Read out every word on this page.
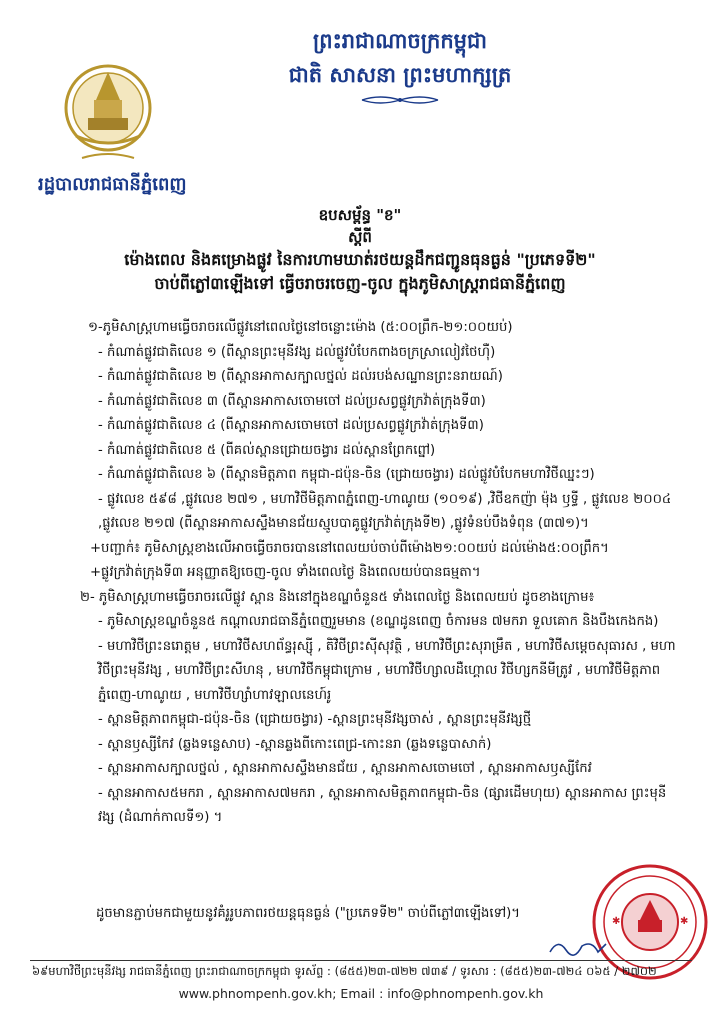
ព្រះរាជាណាចក្រកម្ពុជា
ជាតិ សាសនា ព្រះមហាក្សត្រ
រដ្ឋបាលរាជធានីភ្នំពេញ
ឧបសម្ព័ន្ធ "ខ"
ស្តីពី
ម៉ោងពេល និងគម្រោងផ្លូវ នៃការហាមឃាត់រថយន្តដឹកជញ្ជូនធុនធ្ងន់ "ប្រភេទទី២"
ចាប់ពីភ្លៅ៣ឡើងទៅ ធ្វើចរាចរចេញ-ចូល ក្នុងភូមិសាស្ត្ររាជធានីភ្នំពេញ
១-ភូមិសាស្ត្រហាមធ្វើចរាចរលើផ្លូវនៅពេលថ្ងៃនៅចន្លោះម៉ោង (៥:០០ព្រឹក-២១:០០យប់)
- កំណាត់ផ្លូវជាតិលេខ ១ (ពីស្ពានព្រះមុនីវង្ស ដល់ផ្លូវបំបែកពាងចក្រស្រាលៀវថៃហ៊ឺ)
- កំណាត់ផ្លូវជាតិលេខ ២ (ពីស្ពានអាកាសក្បាលថ្នល់ ដល់របង់សណ្ឋានព្រះនរាយណ៍)
- កំណាត់ផ្លូវជាតិលេខ ៣ (ពីស្ពានអាកាសចោមចៅ ដល់ប្រសព្វផ្លូវក្រវ៉ាត់ក្រុងទី៣)
- កំណាត់ផ្លូវជាតិលេខ ៤ (ពីស្ពានអាកាសចោមចៅ ដល់ប្រសព្វផ្លូវក្រវ៉ាត់ក្រុងទី៣)
- កំណាត់ផ្លូវជាតិលេខ ៥ (ពីគល់ស្ពានជ្រោយចង្វារ ដល់ស្ពានព្រែកព្នៅ)
- កំណាត់ផ្លូវជាតិលេខ ៦ (ពីស្ពានមិត្តភាព កម្ពុជា-ជប៉ុន-ចិន (ជ្រោយចង្វារ) ដល់ផ្លូវបំបែកមហាវិថីឈ្នះៗ)
- ផ្លូវលេខ ៥៩៨ ,ផ្លូវលេខ ២៧១ , មហាវិថីមិត្តភាពភ្នំពេញ-ហាណូយ (១០១៩) ,វិថីឧកញ៉ា ម៉ុង ឫទ្ធី , ផ្លូវលេខ ២០០៤ ,ផ្លូវលេខ ២១៧ (ពីស្ពានអាកាសស្ទឹងមានជ័យស្មូបបាគូផ្លូវក្រវ៉ាត់ក្រុងទី២) ,ផ្លូវទំនប់បឹងទំពុន (៣៧១)។
+បញ្ជាក់៖ ភូមិសាស្ត្រខាងលើអាចធ្វើចរាចរបាននៅពេលយប់ចាប់ពីម៉ោង២១:០០យប់ ដល់ម៉ោង៥:០០ព្រឹក។
+ផ្លូវក្រវ៉ាត់ក្រុងទី៣ អនុញ្ញាតឱ្យចេញ-ចូល ទាំងពេលថ្ងៃ និងពេលយប់បានធម្មតា។
២- ភូមិសាស្ត្រហាមធ្វើចរាចរលើផ្លូវ ស្ពាន និងនៅក្នុងខណ្ឌចំនួន៥ ទាំងពេលថ្ងៃ និងពេលយប់ ដូចខាងក្រោម៖
- ភូមិសាស្ត្រខណ្ឌចំនួន៥ កណ្តាលរាជធានីភ្នំពេញរួមមាន (ខណ្ឌដូនពេញ ចំការមន ៧មករា ទួលគោក និងបឹងកេងកង)
- មហាវិថីព្រះនរោត្តម , មហាវិថីសហព័ន្ធរុស្ស៊ី , តិវិថីព្រះស៊ីសុវត្ថិ , មហាវិថីព្រះសុរាម្រឹត , មហាវិថីសម្តេចសុធារស , មហាវិថីព្រះមុនីវង្ស , មហាវិថីព្រះសីហនុ , មហាវិថីកម្ពុជាក្រោម , មហាវិថីហ្សាលដឺហ្គោល វិថីហ្សកនីមីត្រូវ , មហាវិថីមិត្តភាពភ្នំពេញ-ហាណូយ , មហាវិថីហ្សាំហាវឡាលនេហ៍រូ
- ស្ពានមិត្តភាពកម្ពុជា-ជប៉ុន-ចិន (ជ្រោយចង្វារ) -ស្ពានព្រះមុនីវង្សចាស់ , ស្ពានព្រះមុនីវង្សថ្មី
- ស្ពានឫស្សីកែវ (ឆ្លងទន្លេសាប) -ស្ពានឆ្លងពីកោះពេជ្រ-កោះនរា (ឆ្លងទន្លេបាសាក់)
- ស្ពានអាកាសក្បាលថ្នល់ , ស្ពានអាកាសស្ទឹងមានជ័យ , ស្ពានអាកាសចោមចៅ , ស្ពានអាកាសឫស្សីកែវ
- ស្ពានអាកាស៥មករា , ស្ពានអាកាស៧មករា , ស្ពានអាកាសមិត្តភាពកម្ពុជា-ចិន (ផ្សារដើមហុយ) ស្ពានអាកាស ព្រះមុនីវង្ស (ដំណាក់កាលទី១) ។
ដូចមានភ្ជាប់មកជាមួយនូវគំរូរូបភាពរថយន្តធុនធ្ងន់ ("ប្រភេទទី២" ចាប់ពីភ្លៅ៣ឡើងទៅ)។
✱	✱
៦៩មហាវិថីព្រះមុនីវង្ស រាជធានីភ្នំពេញ ព្រះរាជាណាចក្រកម្ពុជា ទូរស័ព្ទ : (៨៥៥)២៣-៧២២ ៧៣៩ / ទូរសារ : (៨៥៥)២៣-៧២៤ ០៦៥ / ២៧០២
www.phnompenh.gov.kh; Email : info@phnompenh.gov.kh
